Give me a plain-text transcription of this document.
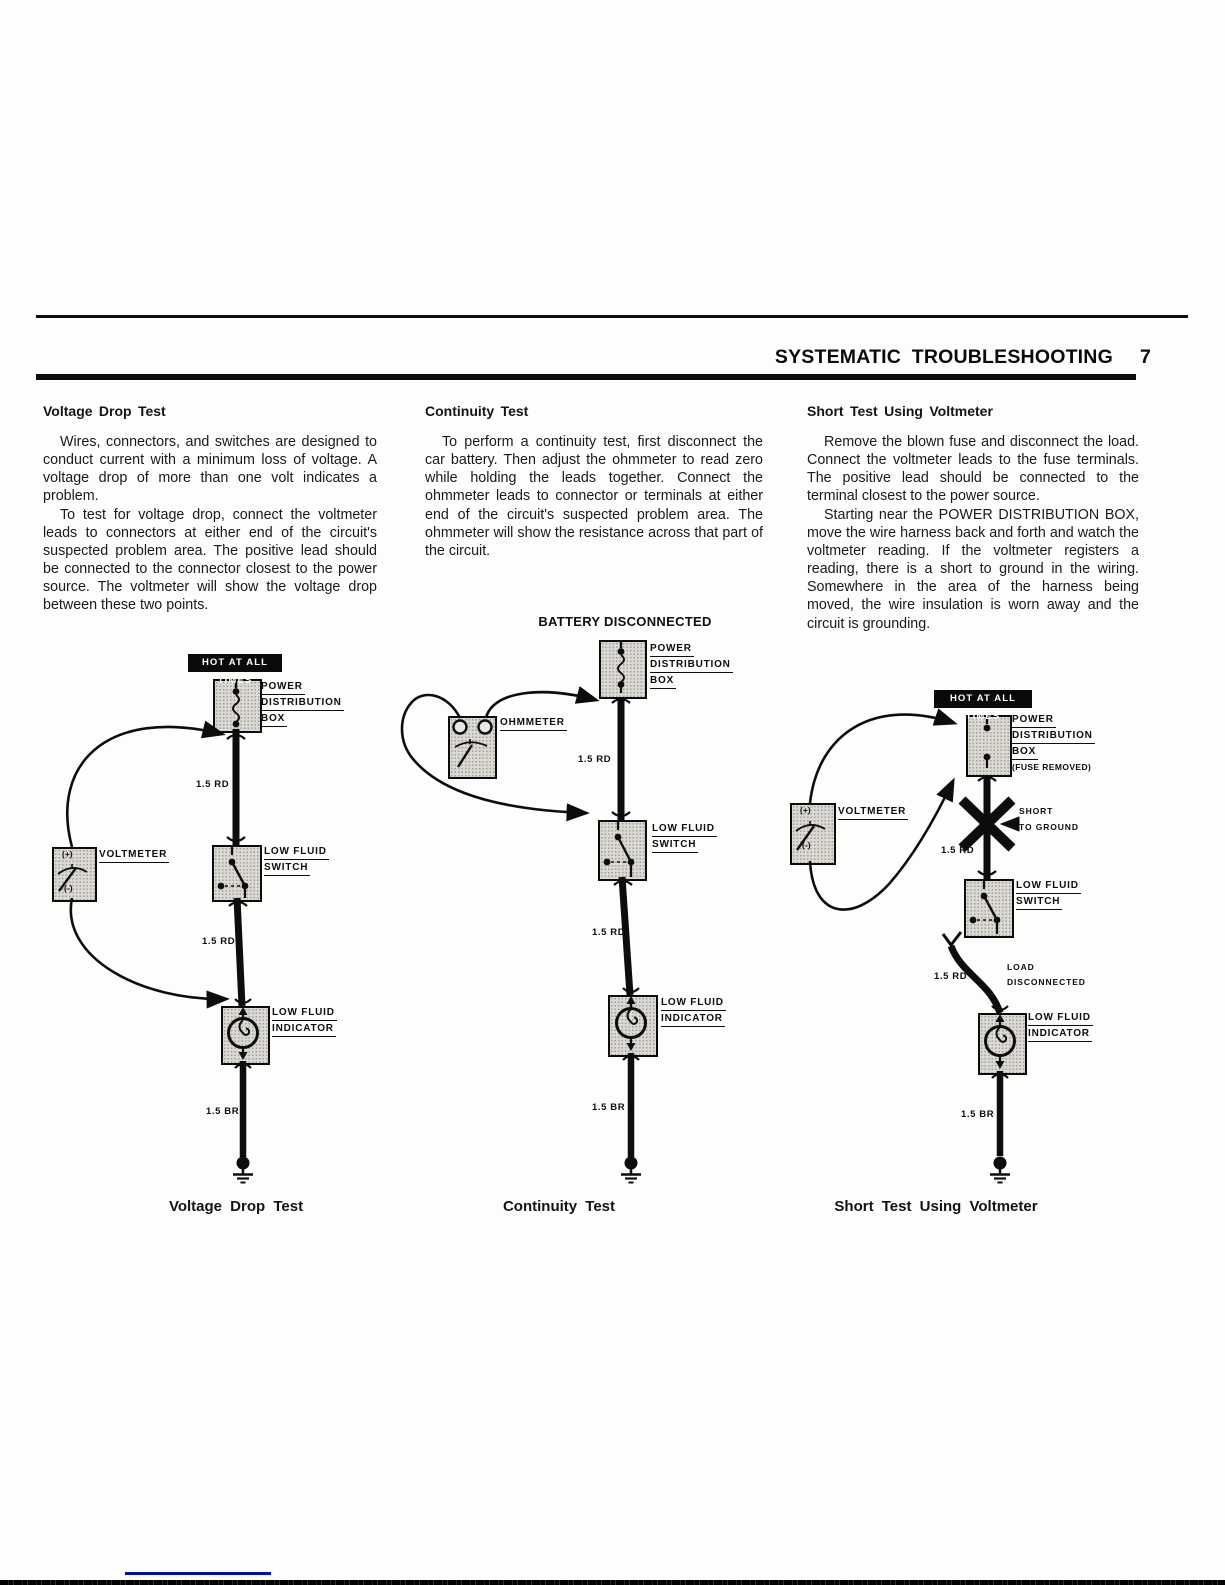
SYSTEMATIC TROUBLESHOOTING 7
Voltage Drop Test	Continuity Test	Short Test Using Voltmeter

Wires, connectors, and switches are designed to conduct current with a minimum loss of voltage. A voltage drop of more than one volt indicates a problem.

To test for voltage drop, connect the voltmeter leads to connectors at either end of the circuit's suspected problem area. The positive lead should be connected to the connector closest to the power source. The voltmeter will show the voltage drop between these two points.

To perform a continuity test, first disconnect the car battery. Then adjust the ohmmeter to read zero while holding the leads together. Connect the ohmmeter leads to connector or terminals at either end of the circuit's suspected problem area. The ohmmeter will show the resistance across that part of the circuit.

Remove the blown fuse and disconnect the load. Connect the voltmeter leads to the fuse terminals. The positive lead should be connected to the terminal closest to the power source.

Starting near the POWER DISTRIBUTION BOX, move the wire harness back and forth and watch the voltmeter reading. If the voltmeter registers a reading, there is a short to ground in the wiring. Somewhere in the area of the harness being moved, the wire insulation is worn away and the circuit is grounding.

BATTERY DISCONNECTED
HOT AT ALL TIMES
HOT AT ALL TIMES
POWER
DISTRIBUTION
BOX
VOLTMETER	LOW FLUID
SWITCH
LOW FLUID
INDICATOR
POWER
DISTRIBUTION
BOX
OHMMETER
LOW FLUID
SWITCH
LOW FLUID
INDICATOR
POWER
DISTRIBUTION
BOX
(FUSE REMOVED)
VOLTMETER
LOW FLUID
SWITCH
LOW FLUID
INDICATOR
1.5 RD
1.5 RD
1.5 BR
1.5 RD
1.5 RD
1.5 BR
1.5 RD
1.5 RD
1.5 BR
SHORT
TO GROUND
LOAD
DISCONNECTED
(+)
(-)
(+)
(-)
Voltage Drop Test	Continuity Test	Short Test Using Voltmeter
